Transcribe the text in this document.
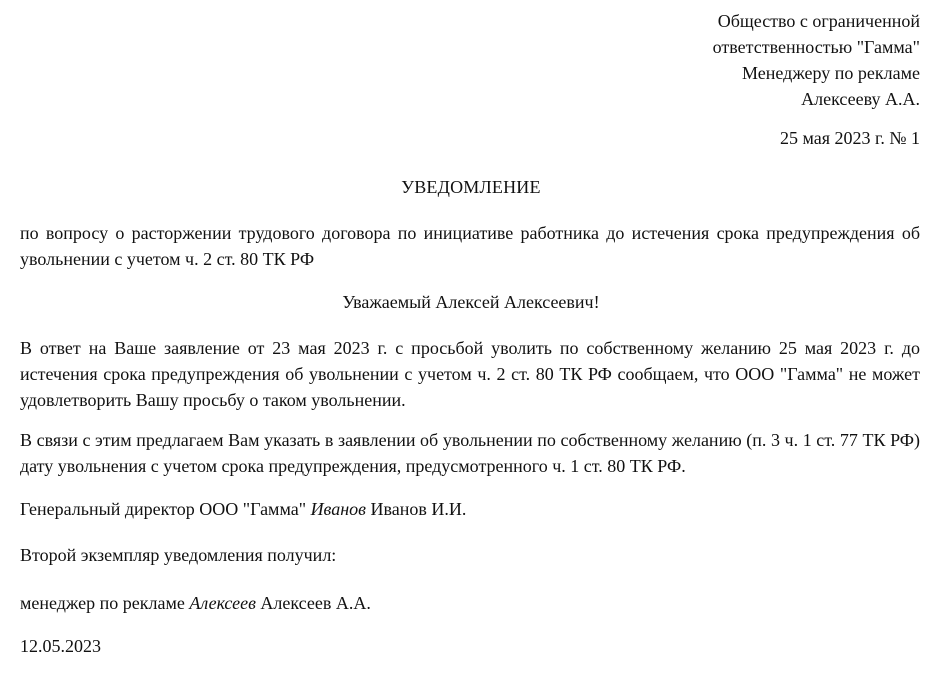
Общество с ограниченной
ответственностью "Гамма"
Менеджеру по рекламе
Алексееву А.А.
25 мая 2023 г. № 1
УВЕДОМЛЕНИЕ
по вопросу о расторжении трудового договора по инициативе работника до истечения срока предупреждения об увольнении с учетом ч. 2 ст. 80 ТК РФ
Уважаемый Алексей Алексеевич!
В ответ на Ваше заявление от 23 мая 2023 г. с просьбой уволить по собственному желанию 25 мая 2023 г. до истечения срока предупреждения об увольнении с учетом ч. 2 ст. 80 ТК РФ сообщаем, что ООО "Гамма" не может удовлетворить Вашу просьбу о таком увольнении.
В связи с этим предлагаем Вам указать в заявлении об увольнении по собственному желанию (п. 3 ч. 1 ст. 77 ТК РФ) дату увольнения с учетом срока предупреждения, предусмотренного ч. 1 ст. 80 ТК РФ.
Генеральный директор ООО "Гамма" Иванов Иванов И.И.
Второй экземпляр уведомления получил:
менеджер по рекламе Алексеев Алексеев А.А.
12.05.2023
